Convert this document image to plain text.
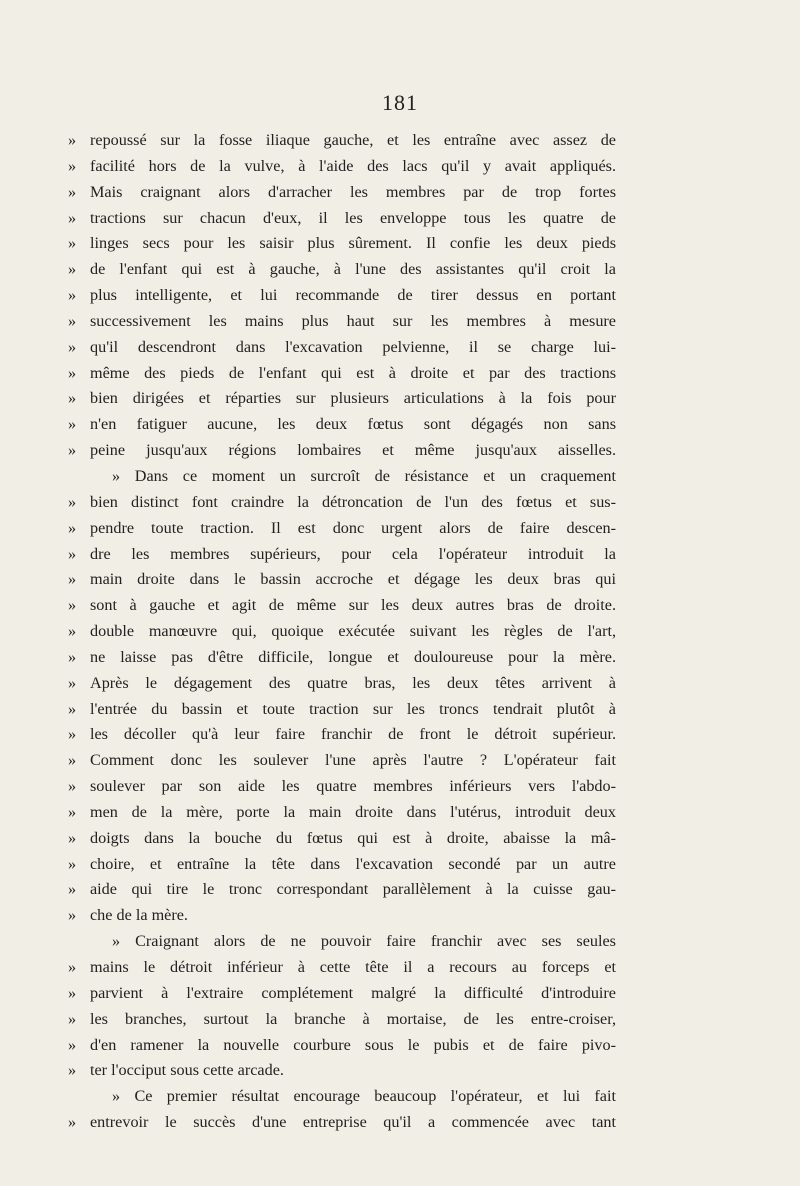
181
» repoussé sur la fosse iliaque gauche, et les entraîne avec assez de
» facilité hors de la vulve, à l'aide des lacs qu'il y avait appliqués.
» Mais craignant alors d'arracher les membres par de trop fortes
» tractions sur chacun d'eux, il les enveloppe tous les quatre de
» linges secs pour les saisir plus sûrement. Il confie les deux pieds
» de l'enfant qui est à gauche, à l'une des assistantes qu'il croit la
» plus intelligente, et lui recommande de tirer dessus en portant
» successivement les mains plus haut sur les membres à mesure
» qu'il descendront dans l'excavation pelvienne, il se charge lui-
» même des pieds de l'enfant qui est à droite et par des tractions
» bien dirigées et réparties sur plusieurs articulations à la fois pour
» n'en fatiguer aucune, les deux fœtus sont dégagés non sans
» peine jusqu'aux régions lombaires et même jusqu'aux aisselles.
» Dans ce moment un surcroît de résistance et un craquement
» bien distinct font craindre la détroncation de l'un des fœtus et sus-
» pendre toute traction. Il est donc urgent alors de faire descen-
» dre les membres supérieurs, pour cela l'opérateur introduit la
» main droite dans le bassin accroche et dégage les deux bras qui
» sont à gauche et agit de même sur les deux autres bras de droite.
» double manœuvre qui, quoique exécutée suivant les règles de l'art,
» ne laisse pas d'être difficile, longue et douloureuse pour la mère.
» Après le dégagement des quatre bras, les deux têtes arrivent à
» l'entrée du bassin et toute traction sur les troncs tendrait plutôt à
» les décoller qu'à leur faire franchir de front le détroit supérieur.
» Comment donc les soulever l'une après l'autre ? L'opérateur fait
» soulever par son aide les quatre membres inférieurs vers l'abdo-
» men de la mère, porte la main droite dans l'utérus, introduit deux
» doigts dans la bouche du fœtus qui est à droite, abaisse la mâ-
» choire, et entraîne la tête dans l'excavation secondé par un autre
» aide qui tire le tronc correspondant parallèlement à la cuisse gau-
» che de la mère.
» Craignant alors de ne pouvoir faire franchir avec ses seules
» mains le détroit inférieur à cette tête il a recours au forceps et
» parvient à l'extraire complétement malgré la difficulté d'introduire
» les branches, surtout la branche à mortaise, de les entre-croiser,
» d'en ramener la nouvelle courbure sous le pubis et de faire pivo-
» ter l'occiput sous cette arcade.
» Ce premier résultat encourage beaucoup l'opérateur, et lui fait
» entrevoir le succès d'une entreprise qu'il a commencée avec tant
